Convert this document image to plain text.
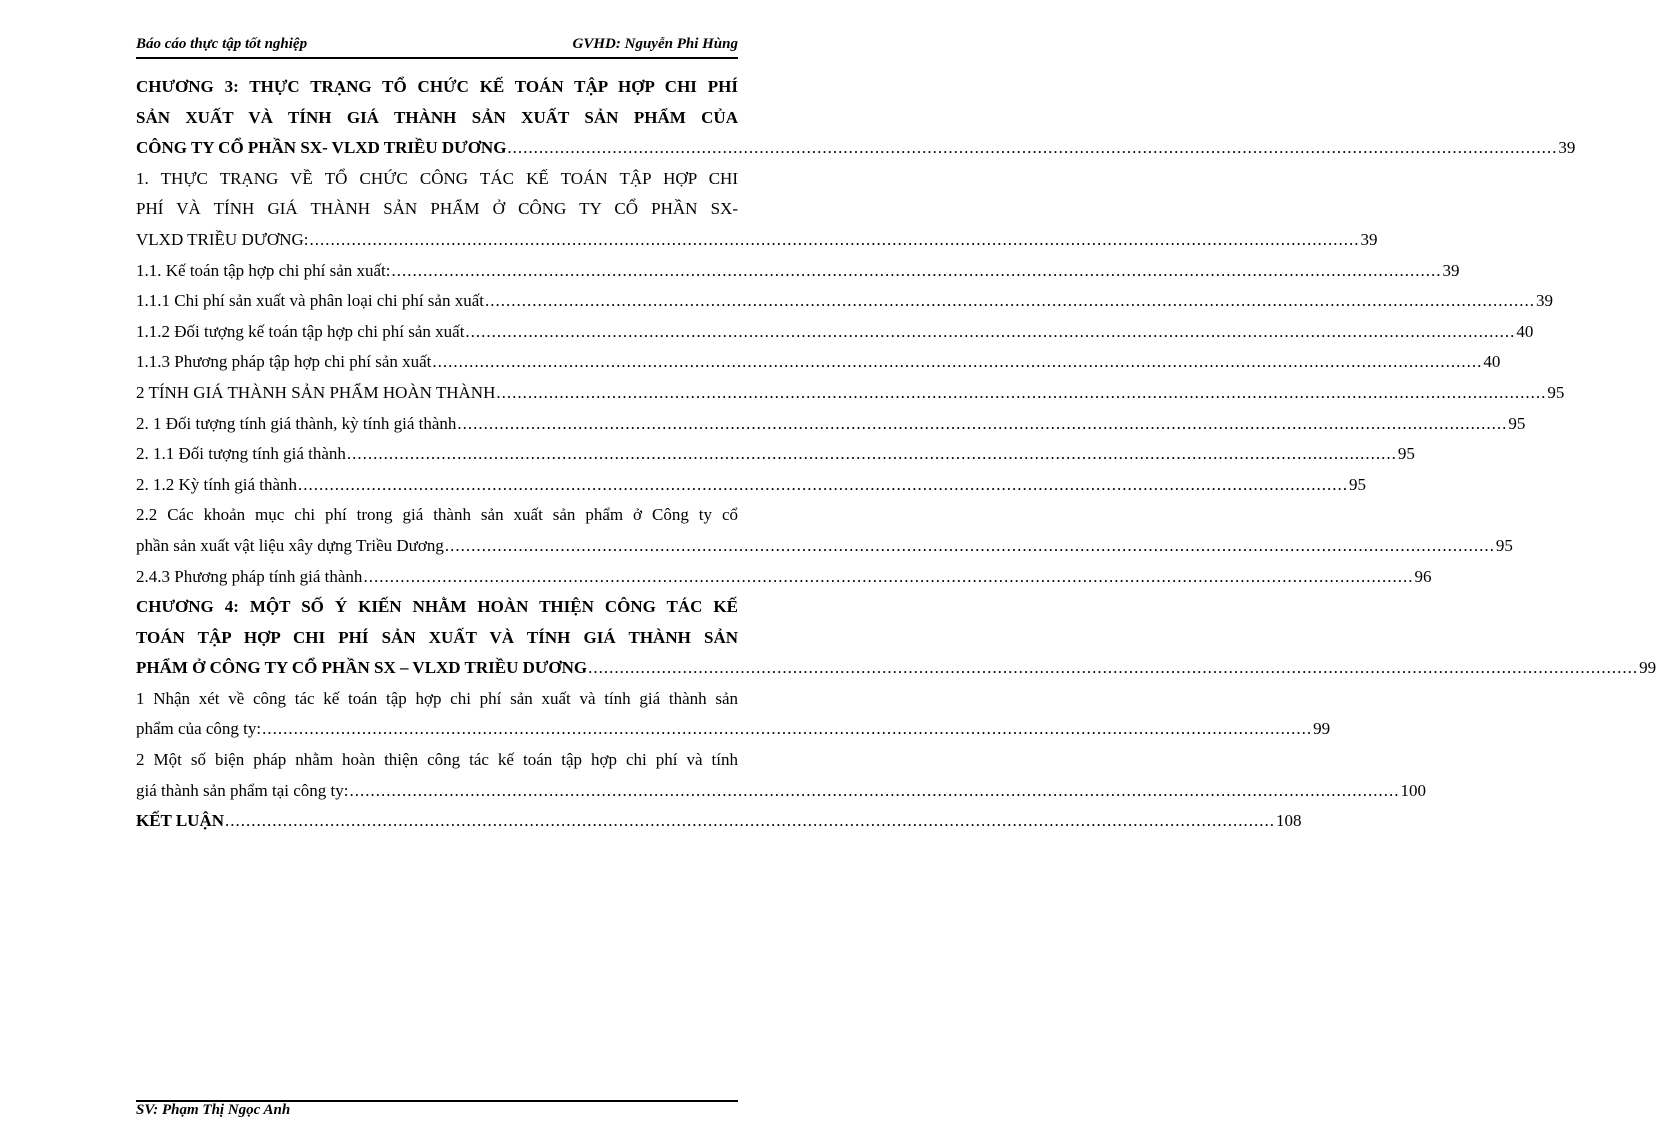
Báo cáo thực tập tốt nghiệp	GVHD: Nguyễn Phi Hùng
CHƯƠNG 3: THỰC TRẠNG TỔ CHỨC KẾ TOÁN TẬP HỢP CHI PHÍ
SẢN XUẤT VÀ TÍNH GIÁ THÀNH SẢN XUẤT SẢN PHẨM CỦA
CÔNG TY CỔ PHẦN SX- VLXD TRIỀU DƯƠNG ........................................................................................................................................................................................................ 39
1. THỰC TRẠNG VỀ TỔ CHỨC CÔNG TÁC KẾ TOÁN TẬP HỢP CHI
PHÍ VÀ TÍNH GIÁ THÀNH SẢN PHẨM Ở CÔNG TY CỔ PHẦN SX-
VLXD TRIỀU DƯƠNG: ........................................................................................................................................................................................................ 39
1.1. Kế toán tập hợp chi phí sản xuất: ........................................................................................................................................................................................................ 39
1.1.1 Chi phí sản xuất và phân loại chi phí sản xuất ........................................................................................................................................................................................................ 39
1.1.2 Đối tượng kế toán tập hợp chi phí sản xuất ........................................................................................................................................................................................................ 40
1.1.3 Phương pháp tập hợp chi phí sản xuất ........................................................................................................................................................................................................ 40
2 TÍNH GIÁ THÀNH SẢN PHẨM HOÀN THÀNH ........................................................................................................................................................................................................ 95
2. 1 Đối tượng tính giá thành, kỳ tính giá thành ........................................................................................................................................................................................................ 95
2. 1.1 Đối tượng tính giá thành ........................................................................................................................................................................................................ 95
2. 1.2 Kỳ tính giá thành ........................................................................................................................................................................................................ 95
2.2 Các khoản mục chi phí trong giá thành sản xuất sản phẩm ở Công ty cổ
phần sản xuất vật liệu xây dựng Triều Dương ........................................................................................................................................................................................................ 95
2.4.3 Phương pháp tính giá thành ........................................................................................................................................................................................................ 96
CHƯƠNG 4: MỘT SỐ Ý KIẾN NHẰM HOÀN THIỆN CÔNG TÁC KẾ
TOÁN TẬP HỢP CHI PHÍ SẢN XUẤT VÀ TÍNH GIÁ THÀNH SẢN
PHẨM Ở CÔNG TY CỔ PHẦN SX – VLXD TRIỀU DƯƠNG ........................................................................................................................................................................................................ 99
1 Nhận xét về công tác kế toán tập hợp chi phí sản xuất và tính giá thành sản
phẩm của công ty: ........................................................................................................................................................................................................ 99
2 Một số biện pháp nhằm hoàn thiện công tác kế toán tập hợp chi phí và tính
giá thành sản phẩm tại công ty: ........................................................................................................................................................................................................ 100
KẾT LUẬN ........................................................................................................................................................................................................ 108
SV: Phạm Thị Ngọc Anh
